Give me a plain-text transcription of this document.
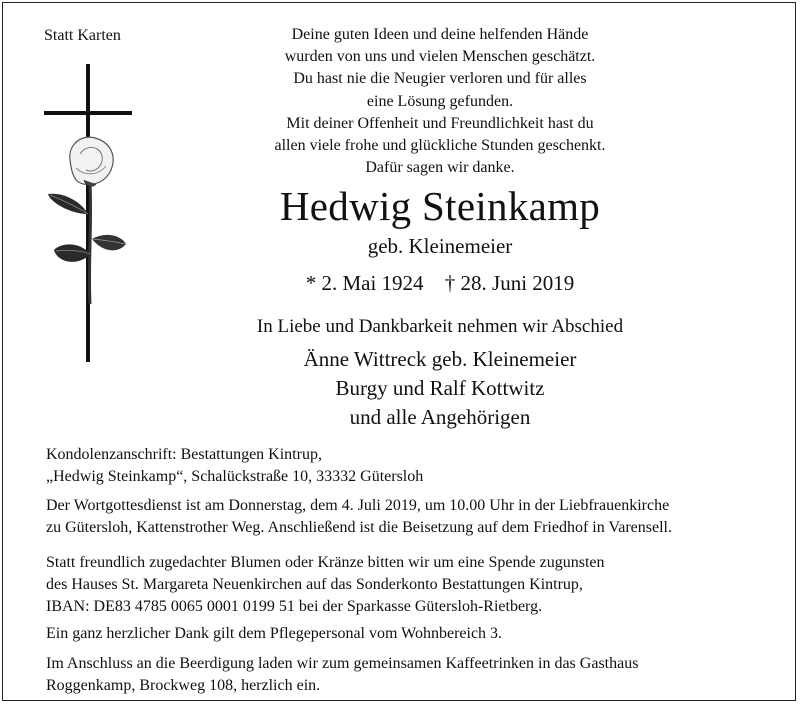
Statt Karten	Deine guten Ideen und deine helfenden Hände
wurden von uns und vielen Menschen geschätzt.
Du hast nie die Neugier verloren und für alles
eine Lösung gefunden.
Mit deiner Offenheit und Freundlichkeit hast du
allen viele frohe und glückliche Stunden geschenkt.
Dafür sagen wir danke.
Hedwig Steinkamp
geb. Kleinemeier
* 2. Mai 1924 † 28. Juni 2019
In Liebe und Dankbarkeit nehmen wir Abschied
Änne Wittreck geb. Kleinemeier
Burgy und Ralf Kottwitz
und alle Angehörigen
Kondolenzanschrift: Bestattungen Kintrup,
„Hedwig Steinkamp“, Schalückstraße 10, 33332 Gütersloh
Der Wortgottesdienst ist am Donnerstag, dem 4. Juli 2019, um 10.00 Uhr in der Liebfrauenkirche
zu Gütersloh, Kattenstrother Weg. Anschließend ist die Beisetzung auf dem Friedhof in Varensell.
Statt freundlich zugedachter Blumen oder Kränze bitten wir um eine Spende zugunsten
des Hauses St. Margareta Neuenkirchen auf das Sonderkonto Bestattungen Kintrup,
IBAN: DE83 4785 0065 0001 0199 51 bei der Sparkasse Gütersloh-Rietberg.
Ein ganz herzlicher Dank gilt dem Pflegepersonal vom Wohnbereich 3.
Im Anschluss an die Beerdigung laden wir zum gemeinsamen Kaffeetrinken in das Gasthaus
Roggenkamp, Brockweg 108, herzlich ein.
